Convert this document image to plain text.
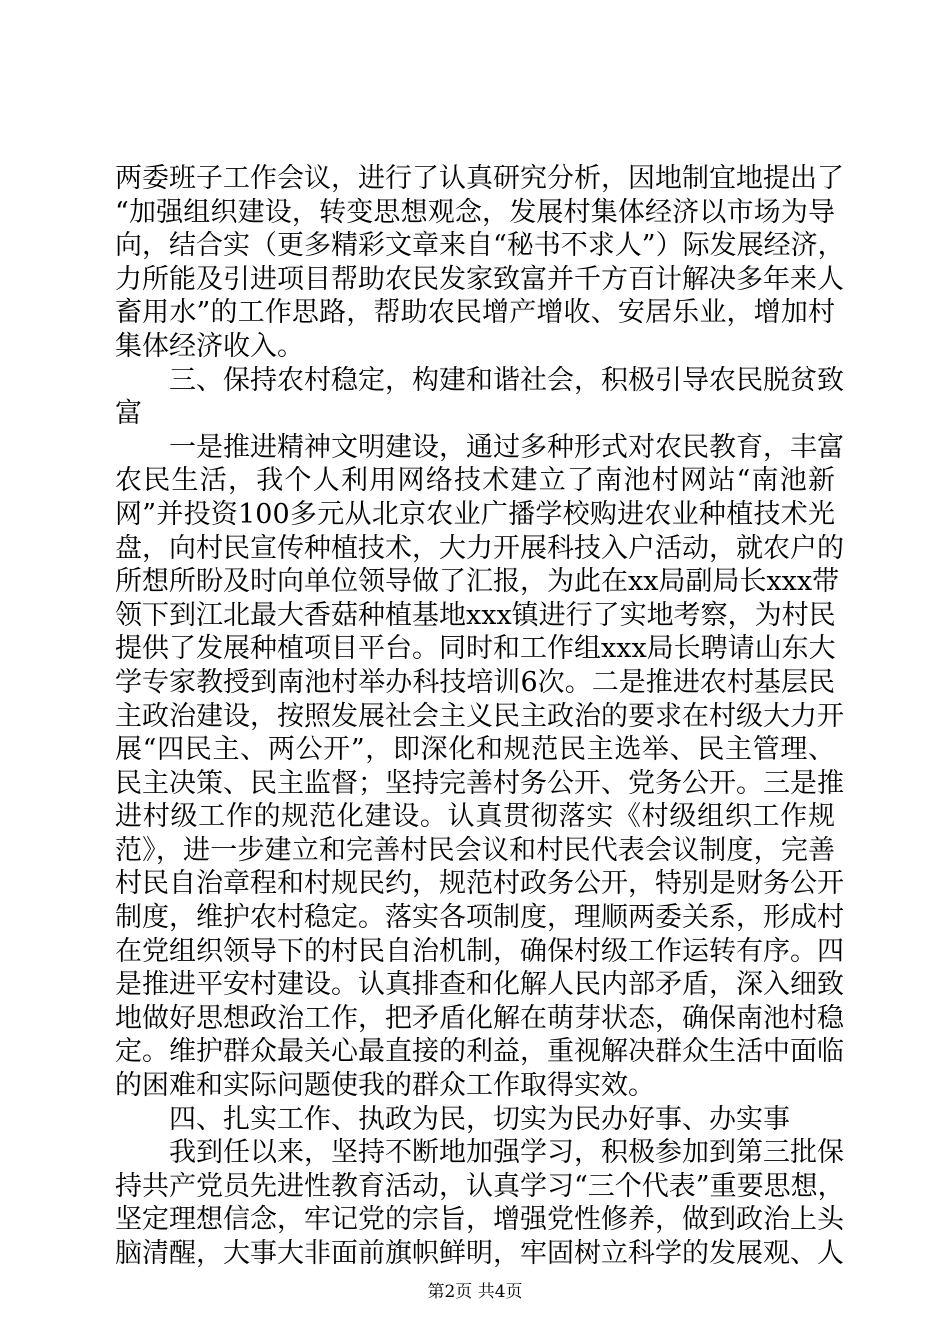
两委班子工作会议，进行了认真研究分析，因地制宜地提出了
“加强组织建设，转变思想观念，发展村集体经济以市场为导
向，结合实（更多精彩文章来自“秘书不求人”）际发展经济，
力所能及引进项目帮助农民发家致富并千方百计解决多年来人
畜用水”的工作思路，帮助农民增产增收、安居乐业，增加村
集体经济收入。
三、保持农村稳定，构建和谐社会，积极引导农民脱贫致
富
一是推进精神文明建设，通过多种形式对农民教育，丰富
农民生活，我个人利用网络技术建立了南池村网站“南池新
网”并投资100多元从北京农业广播学校购进农业种植技术光
盘，向村民宣传种植技术，大力开展科技入户活动，就农户的
所想所盼及时向单位领导做了汇报，为此在xx局副局长xxx带
领下到江北最大香菇种植基地xxx镇进行了实地考察，为村民
提供了发展种植项目平台。同时和工作组xxx局长聘请山东大
学专家教授到南池村举办科技培训6次。二是推进农村基层民
主政治建设，按照发展社会主义民主政治的要求在村级大力开
展“四民主、两公开”，即深化和规范民主选举、民主管理、
民主决策、民主监督；坚持完善村务公开、党务公开。三是推
进村级工作的规范化建设。认真贯彻落实《村级组织工作规
范》，进一步建立和完善村民会议和村民代表会议制度，完善
村民自治章程和村规民约，规范村政务公开，特别是财务公开
制度，维护农村稳定。落实各项制度，理顺两委关系，形成村
在党组织领导下的村民自治机制，确保村级工作运转有序。四
是推进平安村建设。认真排查和化解人民内部矛盾，深入细致
地做好思想政治工作，把矛盾化解在萌芽状态，确保南池村稳
定。维护群众最关心最直接的利益，重视解决群众生活中面临
的困难和实际问题使我的群众工作取得实效。
四、扎实工作、执政为民，切实为民办好事、办实事
我到任以来，坚持不断地加强学习，积极参加到第三批保
持共产党员先进性教育活动，认真学习“三个代表”重要思想，
坚定理想信念，牢记党的宗旨，增强党性修养，做到政治上头
脑清醒，大事大非面前旗帜鲜明，牢固树立科学的发展观、人
第2页 共4页
